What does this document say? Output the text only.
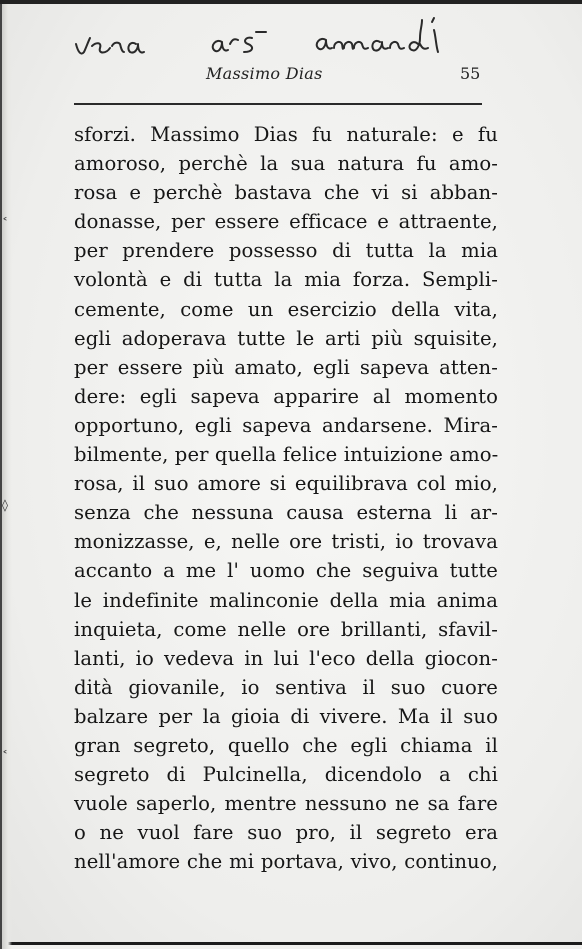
˂
◊
˂
Massimo Dias	55
sforzi. Massimo Dias fu naturale: e fu
amoroso, perchè la sua natura fu amo-
rosa e perchè bastava che vi si abban-
donasse, per essere efficace e attraente,
per prendere possesso di tutta la mia
volontà e di tutta la mia forza. Sempli-
cemente, come un esercizio della vita,
egli adoperava tutte le arti più squisite,
per essere più amato, egli sapeva atten-
dere: egli sapeva apparire al momento
opportuno, egli sapeva andarsene. Mira-
bilmente, per quella felice intuizione amo-
rosa, il suo amore si equilibrava col mio,
senza che nessuna causa esterna li ar-
monizzasse, e, nelle ore tristi, io trovava
accanto a me l' uomo che seguiva tutte
le indefinite malinconie della mia anima
inquieta, come nelle ore brillanti, sfavil-
lanti, io vedeva in lui l'eco della giocon-
dità giovanile, io sentiva il suo cuore
balzare per la gioia di vivere. Ma il suo
gran segreto, quello che egli chiama il
segreto di Pulcinella, dicendolo a chi
vuole saperlo, mentre nessuno ne sa fare
o ne vuol fare suo pro, il segreto era
nell'amore che mi portava, vivo, continuo,
